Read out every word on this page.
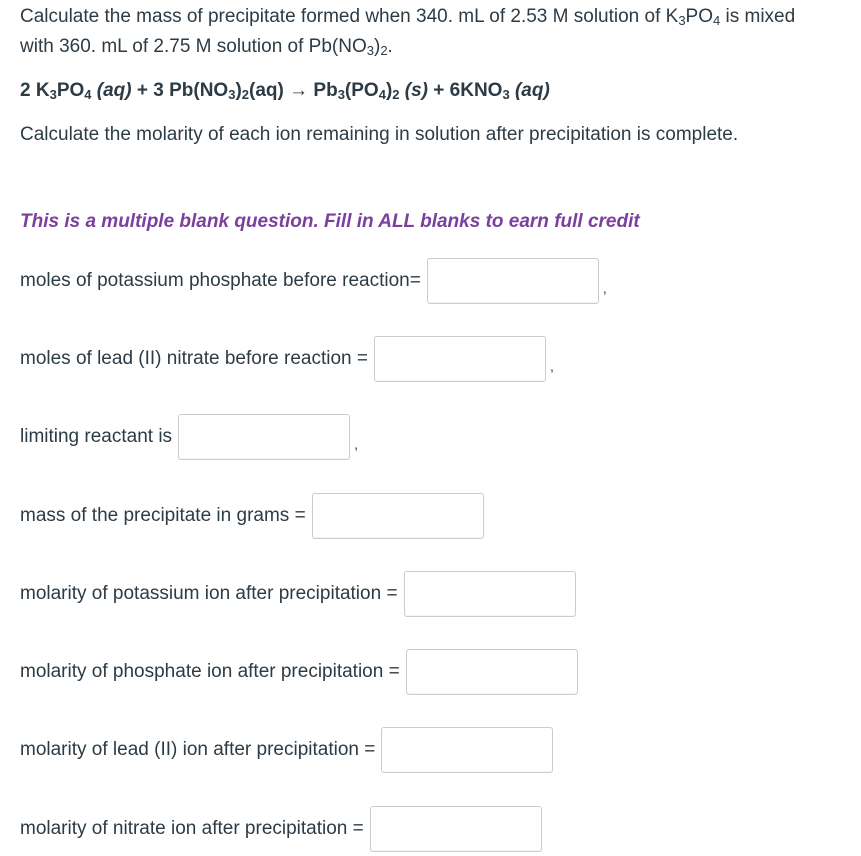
Calculate the mass of precipitate formed when 340. mL of 2.53 M solution of $K_3PO_4$ is mixed
with 360. mL of 2.75 M solution of $Pb(NO_3)_2$.
2 $K_3PO_4$ (aq) + 3 $Pb(NO_3)_2(aq) \to Pb_3(PO_4)_2$ $(s) + 6KNO_3$ (aq)
Calculate the molarity of each ion remaining in solution after precipitation is complete.
This is a multiple blank question. Fill in ALL blanks to earn full credit
moles of potassium phosphate before reaction=	,
moles of lead (II) nitrate before reaction =	,
limiting reactant is	,
mass of the precipitate in grams =
molarity of potassium ion after precipitation =
molarity of phosphate ion after precipitation =
molarity of lead (II) ion after precipitation =
molarity of nitrate ion after precipitation =
